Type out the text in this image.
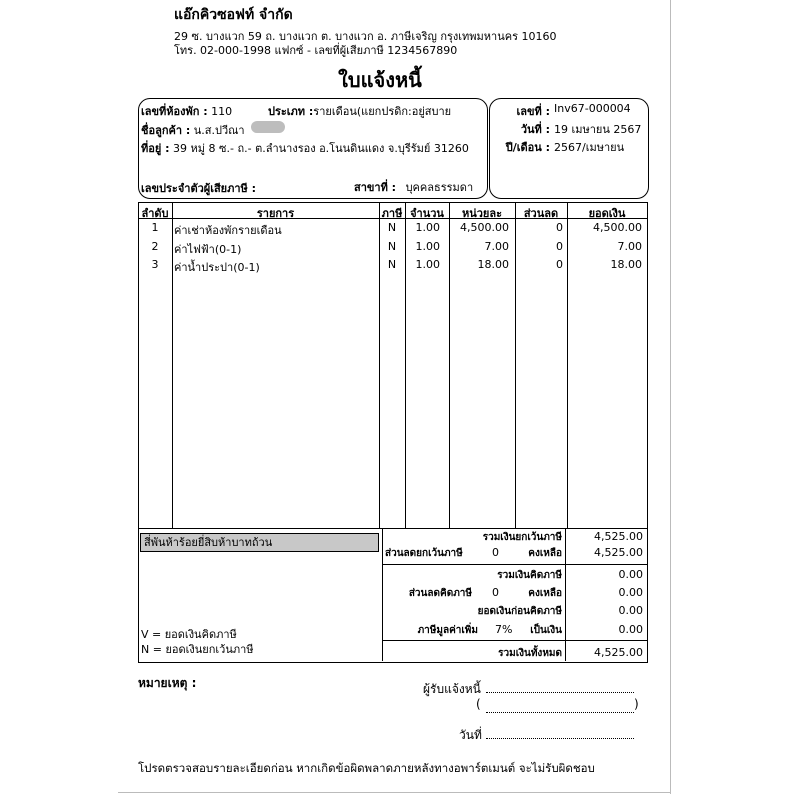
แอ๊กคิวซอฟท์ จำกัด
29 ซ. บางแวก 59 ถ. บางแวก ต. บางแวก อ. ภาษีเจริญ กรุงเทพมหานคร 10160
โทร. 02-000-1998 แฟกซ์ - เลขที่ผู้เสียภาษี 1234567890
ใบแจ้งหนี้
เลขที่ห้องพัก : 110	ประเภท :รายเดือน(แยกปรดิก:อยู่สบาย
ชื่อลูกค้า : น.ส.ปวีณา
ที่อยู่ : 39 หมู่ 8 ซ.- ถ.- ต.ลำนางรอง อ.โนนดินแดง จ.บุรีรัมย์ 31260
เลขประจำตัวผู้เสียภาษี :	สาขาที่ : บุคคลธรรมดา
เลขที่ : Inv67-000004
วันที่ : 19 เมษายน 2567
ปี/เดือน : 2567/เมษายน
ลำดับ	รายการ	ภาษี จำนวน	หน่วยละ	ส่วนลด	ยอดเงิน
1	ค่าเช่าห้องพักรายเดือน	N	1.00	4,500.00	0	4,500.00
2	ค่าไฟฟ้า(0-1)	N	1.00	7.00	0	7.00
3	ค่าน้ำประปา(0-1)	N	1.00	18.00	0	18.00
สี่พันห้าร้อยยี่สิบห้าบาทถ้วน
V = ยอดเงินคิดภาษี
N = ยอดเงินยกเว้นภาษี
รวมเงินยกเว้นภาษี	4,525.00
ส่วนลดยกเว้นภาษี	0	คงเหลือ	4,525.00
รวมเงินคิดภาษี	0.00
ส่วนลดคิดภาษี 0	คงเหลือ	0.00
ยอดเงินก่อนคิดภาษี	0.00
ภาษีมูลค่าเพิ่ม 7%	เป็นเงิน	0.00
รวมเงินทั้งหมด	4,525.00
หมายเหตุ :	ผู้รับแจ้งหนี้
(	)
วันที่
โปรดตรวจสอบรายละเอียดก่อน หากเกิดข้อผิดพลาดภายหลังทางอพาร์ตเมนต์ จะไม่รับผิดชอบ
